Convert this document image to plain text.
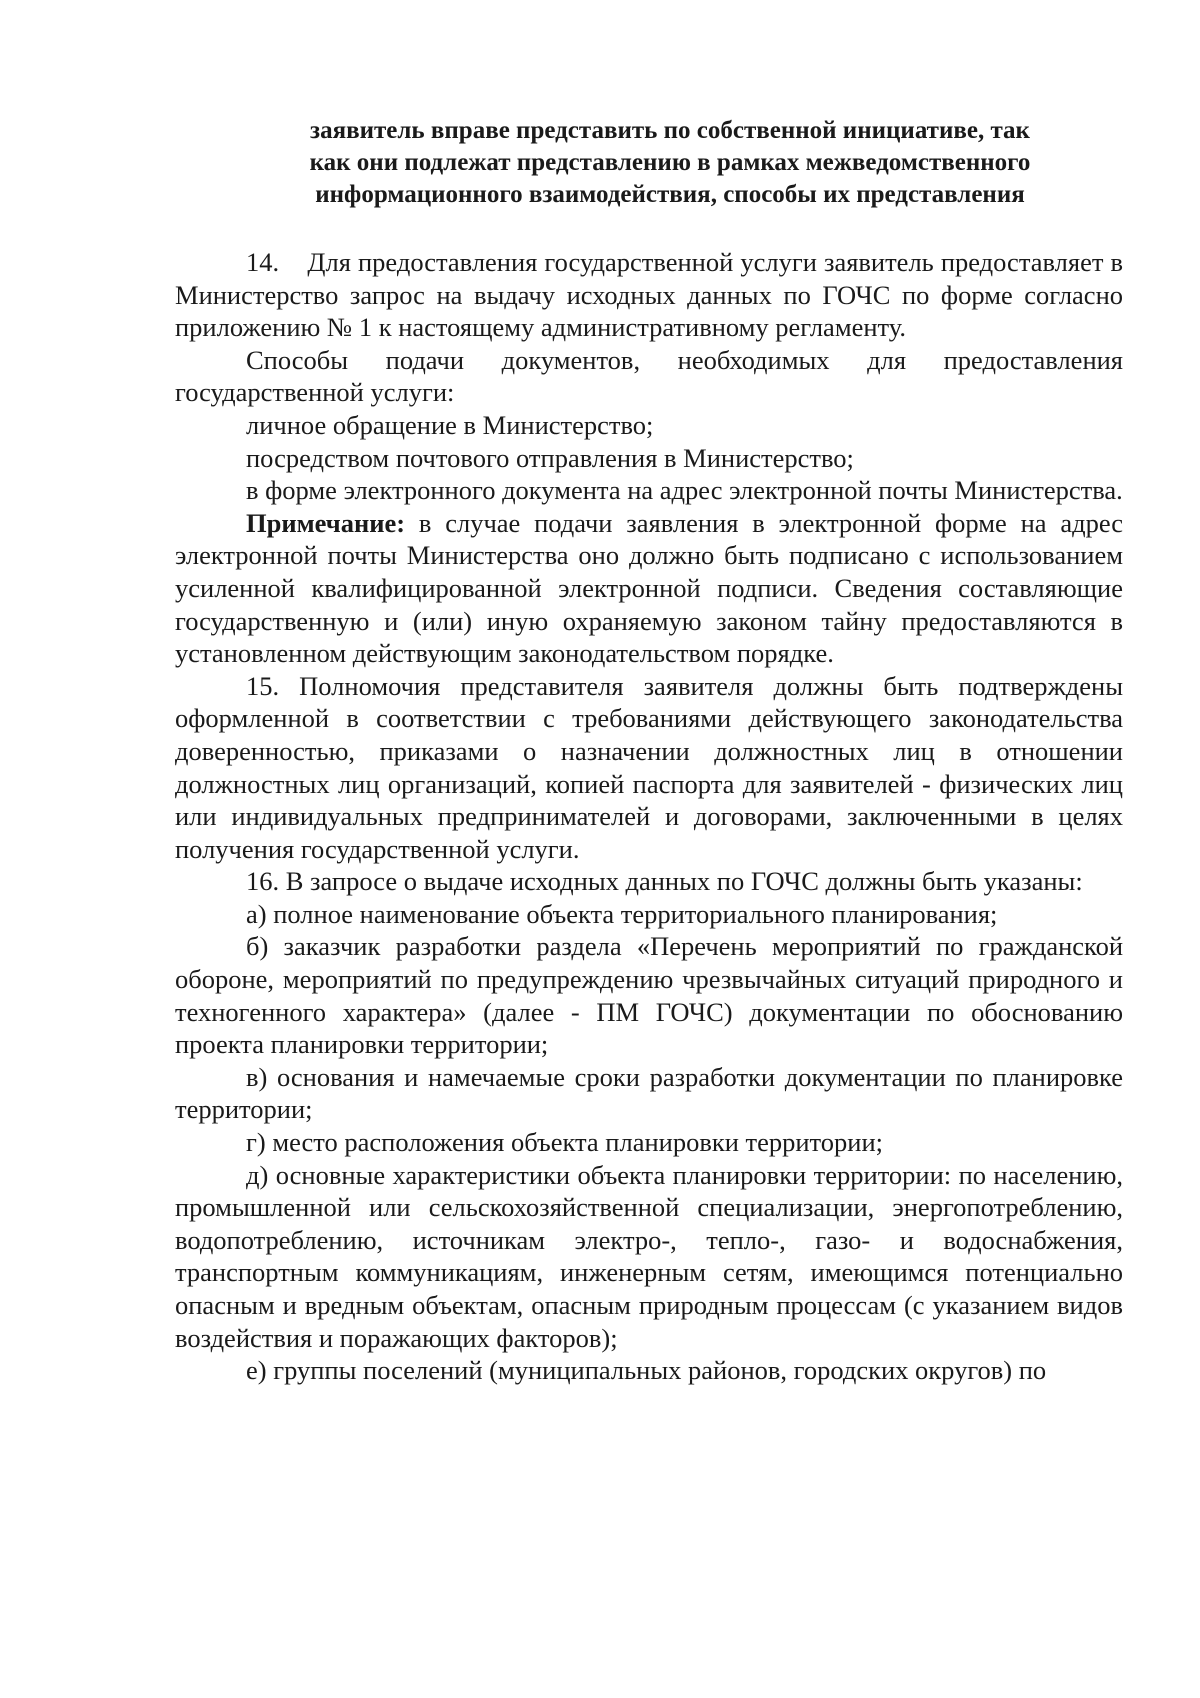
заявитель вправе представить по собственной инициативе, так
как они подлежат представлению в рамках межведомственного
информационного взаимодействия, способы их представления

14.    Для предоставления государственной услуги заявитель предоставляет в Министерство запрос на выдачу исходных данных по ГОЧС по форме согласно приложению № 1 к настоящему административному регламенту.

Способы подачи документов, необходимых для предоставления государственной услуги:

личное обращение в Министерство;

посредством почтового отправления в Министерство;

в форме электронного документа на адрес электронной почты Министерства.

Примечание: в случае подачи заявления в электронной форме на адрес электронной почты Министерства оно должно быть подписано с использованием усиленной квалифицированной электронной подписи. Сведения составляющие государственную и (или) иную охраняемую законом тайну предоставляются в установленном действующим законодательством порядке.

15. Полномочия представителя заявителя должны быть подтверждены оформленной в соответствии с требованиями действующего законодательства доверенностью, приказами о назначении должностных лиц в отношении должностных лиц организаций, копией паспорта для заявителей - физических лиц или индивидуальных предпринимателей и договорами, заключенными в целях получения государственной услуги.

16. В запросе о выдаче исходных данных по ГОЧС должны быть указаны:

а) полное наименование объекта территориального планирования;

б) заказчик разработки раздела «Перечень мероприятий по гражданской обороне, мероприятий по предупреждению чрезвычайных ситуаций природного и техногенного характера» (далее - ПМ ГОЧС) документации по обоснованию проекта планировки территории;

в) основания и намечаемые сроки разработки документации по планировке территории;

г) место расположения объекта планировки территории;

д) основные характеристики объекта планировки территории: по населению, промышленной или сельскохозяйственной специализации, энергопотреблению, водопотреблению, источникам электро-, тепло-, газо- и водоснабжения, транспортным коммуникациям, инженерным сетям, имеющимся потенциально опасным и вредным объектам, опасным природным процессам (с указанием видов воздействия и поражающих факторов);

е) группы поселений (муниципальных районов, городских округов) по
